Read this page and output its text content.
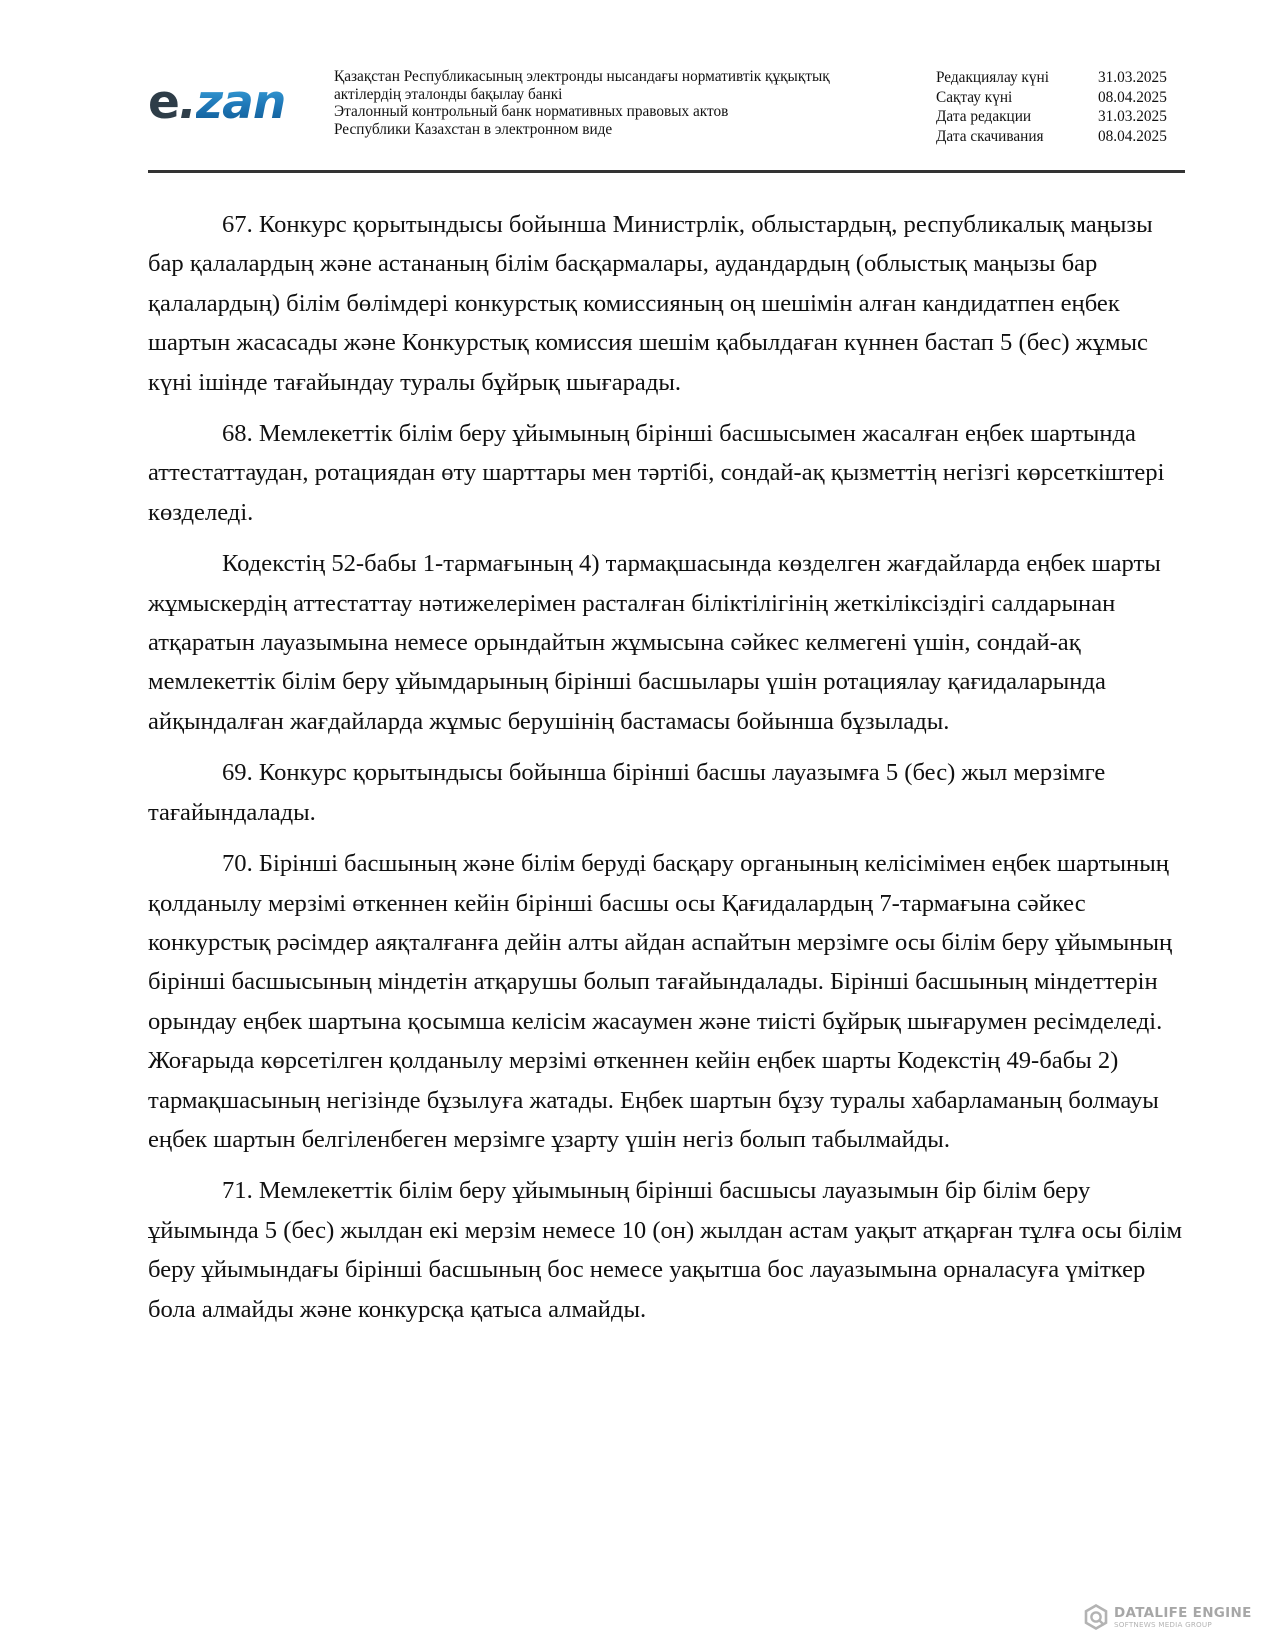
e . zan	Қазақстан Республикасының электронды нысандағы нормативтік құқықтық
актілердің эталонды бақылау банкі
Эталонный контрольный банк нормативных правовых актов
Республики Казахстан в электронном виде
Редакциялау күні	31.03.2025
Сақтау күні	08.04.2025
Дата редакции	31.03.2025
Дата скачивания	08.04.2025

67. Конкурс қорытындысы бойынша Министрлік, облыстардың, республикалық маңызы бар қалалардың және астананың білім басқармалары, аудандардың (облыстық маңызы бар қалалардың) білім бөлімдері конкурстық комиссияның оң шешімін алған кандидатпен еңбек шартын жасасады және Конкурстық комиссия шешім қабылдаған күннен бастап 5 (бес) жұмыс күні ішінде тағайындау туралы бұйрық шығарады.

68. Мемлекеттік білім беру ұйымының бірінші басшысымен жасалған еңбек шартында аттестаттаудан, ротациядан өту шарттары мен тәртібі, сондай-ақ қызметтің негізгі көрсеткіштері көзделеді.

Кодекстің 52-бабы 1-тармағының 4) тармақшасында көзделген жағдайларда еңбек шарты жұмыскердің аттестаттау нәтижелерімен расталған біліктілігінің жеткіліксіздігі салдарынан атқаратын лауазымына немесе орындайтын жұмысына сәйкес келмегені үшін, сондай-ақ мемлекеттік білім беру ұйымдарының бірінші басшылары үшін ротациялау қағидаларында айқындалған жағдайларда жұмыс берушінің бастамасы бойынша бұзылады.

69. Конкурс қорытындысы бойынша бірінші басшы лауазымға 5 (бес) жыл мерзімге тағайындалады.

70. Бірінші басшының және білім беруді басқару органының келісімімен еңбек шартының қолданылу мерзімі өткеннен кейін бірінші басшы осы Қағидалардың 7-тармағына сәйкес конкурстық рәсімдер аяқталғанға дейін алты айдан аспайтын мерзімге осы білім беру ұйымының бірінші басшысының міндетін атқарушы болып тағайындалады. Бірінші басшының міндеттерін орындау еңбек шартына қосымша келісім жасаумен және тиісті бұйрық шығарумен ресімделеді. Жоғарыда көрсетілген қолданылу мерзімі өткеннен кейін еңбек шарты Кодекстің 49-бабы 2) тармақшасының негізінде бұзылуға жатады. Еңбек шартын бұзу туралы хабарламаның болмауы еңбек шартын белгіленбеген мерзімге ұзарту үшін негіз болып табылмайды.

71. Мемлекеттік білім беру ұйымының бірінші басшысы лауазымын бір білім беру ұйымында 5 (бес) жылдан екі мерзім немесе 10 (он) жылдан астам уақыт атқарған тұлға осы білім беру ұйымындағы бірінші басшының бос немесе уақытша бос лауазымына орналасуға үміткер бола алмайды және конкурсқа қатыса алмайды.

DATALIFE ENGINE
SOFTNEWS MEDIA GROUP
